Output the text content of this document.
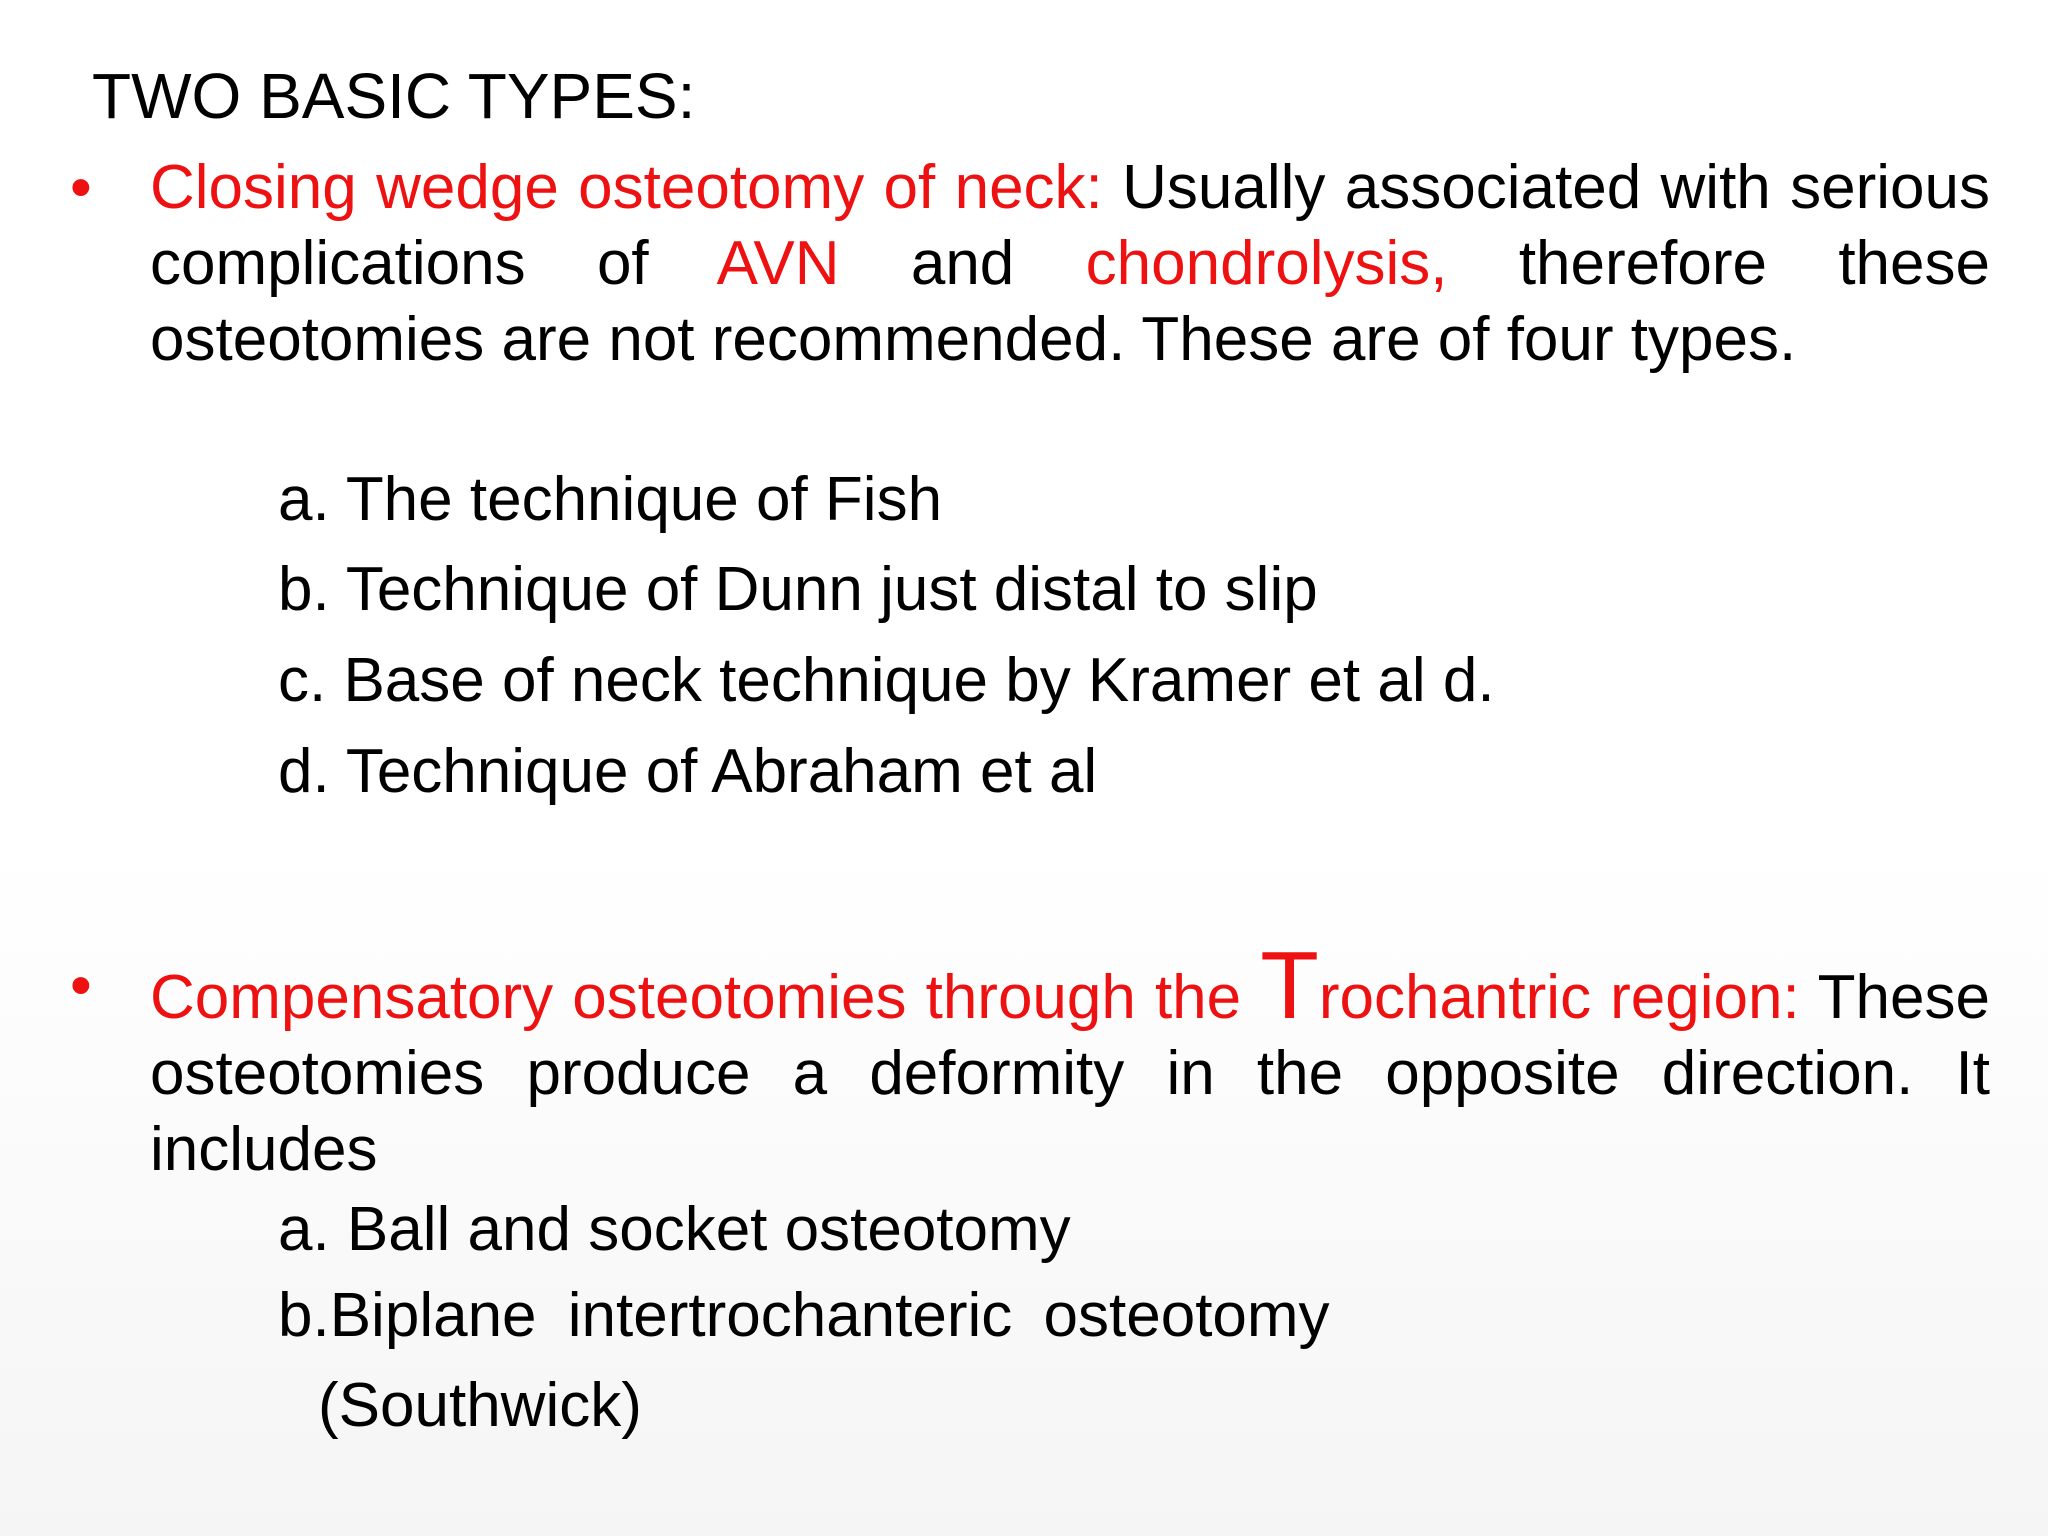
TWO BASIC TYPES:
• Closing wedge osteotomy of neck: Usually associated with serious complications of AVN and chondrolysis, therefore these osteotomies are not recommended. These are of four types.
a. The technique of Fish
b. Technique of Dunn just distal to slip
c. Base of neck technique by Kramer et al d.
d. Technique of Abraham et al
• Compensatory osteotomies through the Trochantric region: These osteotomies produce a deformity in the opposite direction. It includes
a. Ball and socket osteotomy
b.Biplane intertrochanteric osteotomy
(Southwick)
